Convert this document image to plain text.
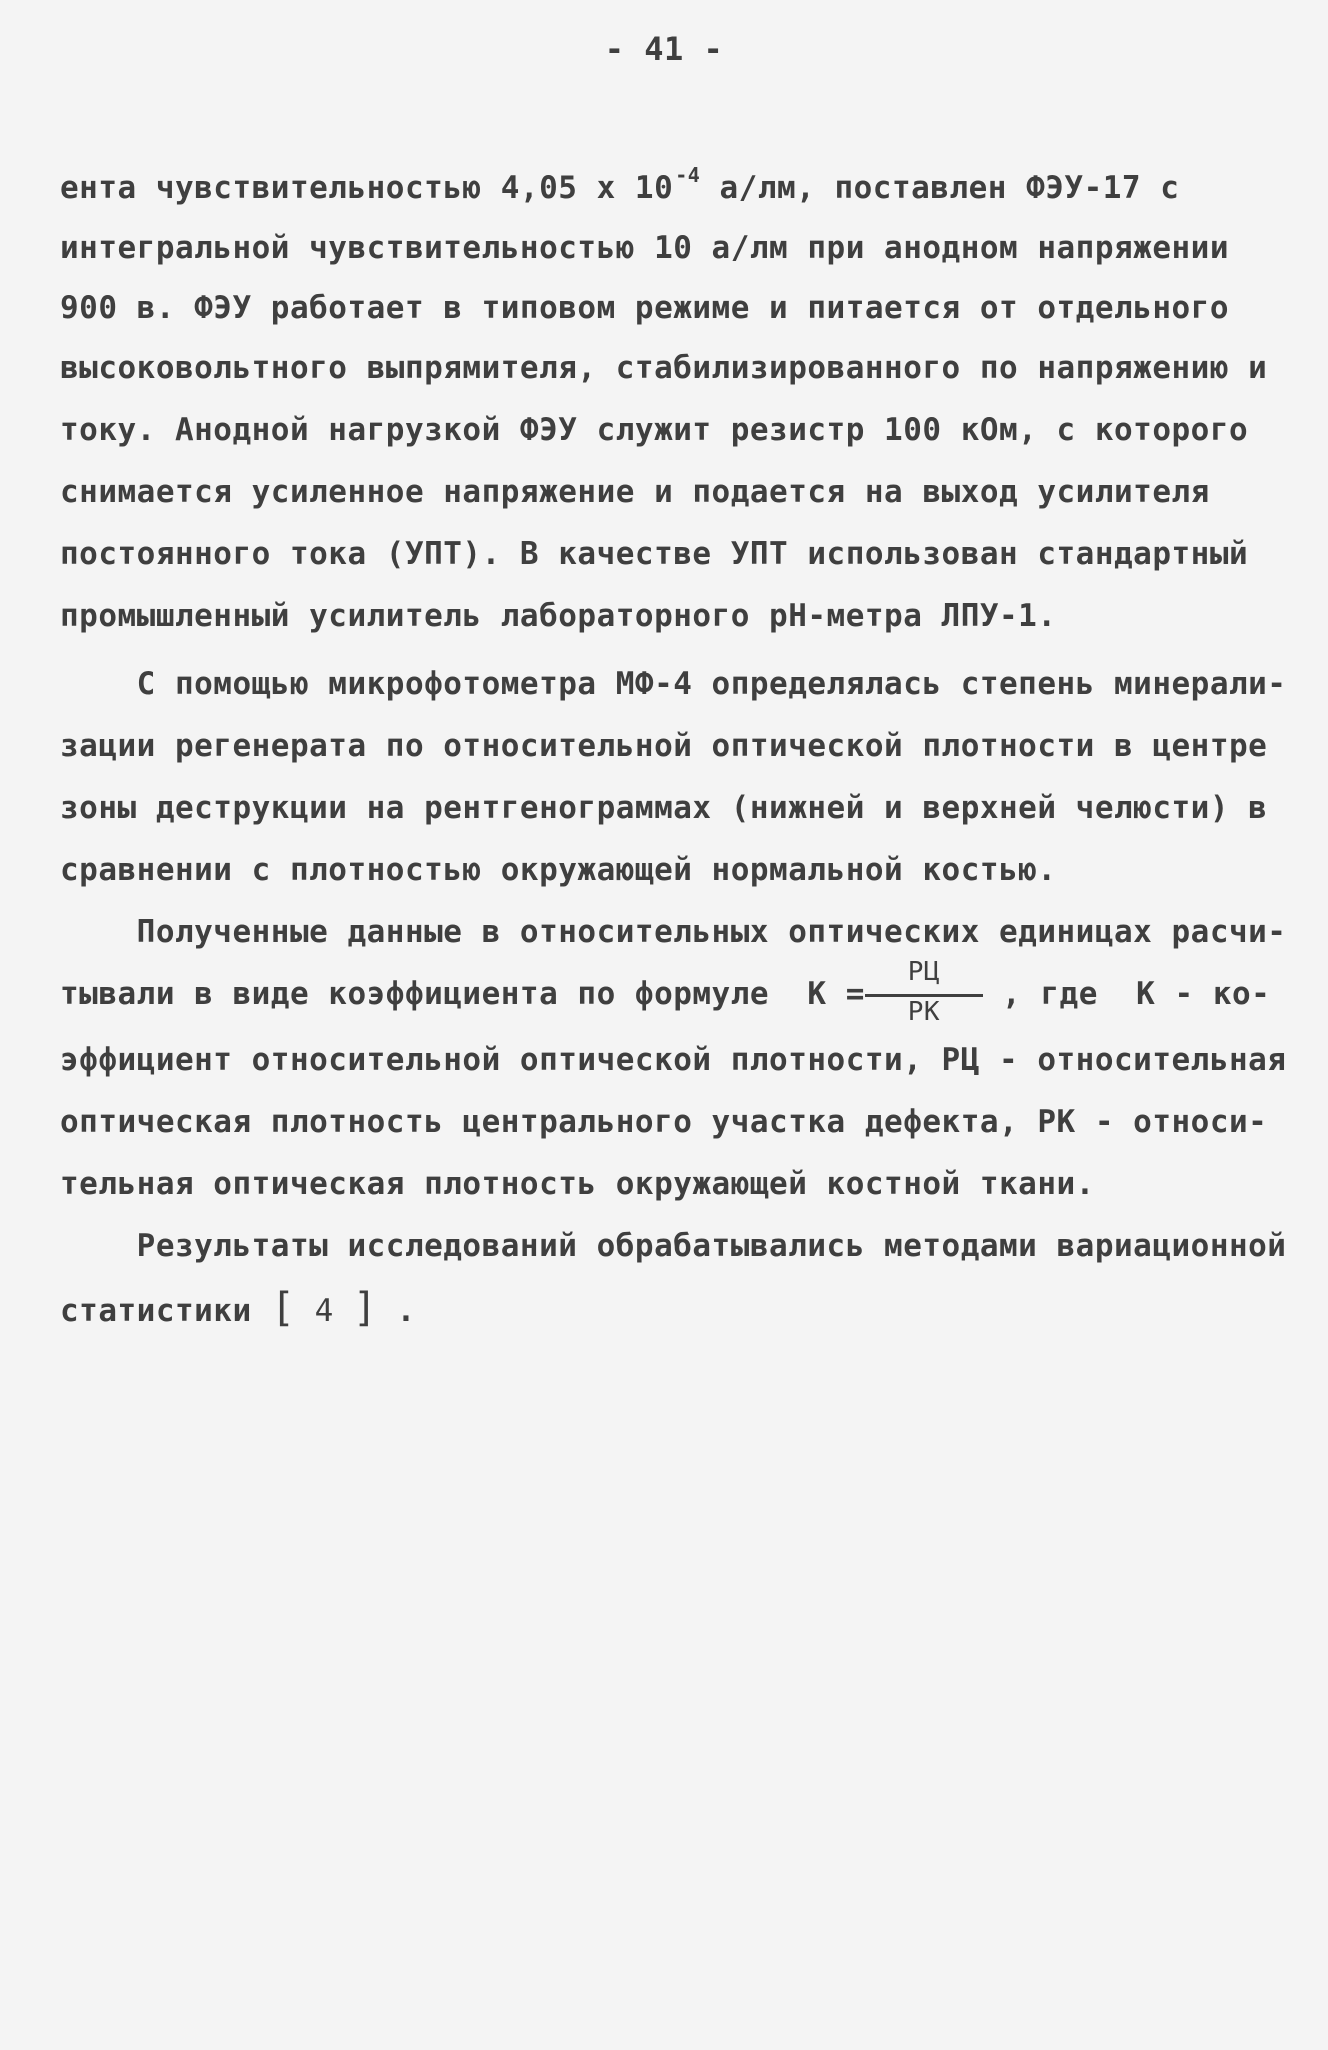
- 41 -
ента чувствительностью 4,05 х 10 $^{-4}$ а/лм, поставлен ФЭУ-17 с
интегральной чувствительностью 10 а/лм при анодном напряжении
900 в. ФЭУ работает в типовом режиме и питается от отдельного
высоковольтного выпрямителя, стабилизированного по напряжению и
току. Анодной нагрузкой ФЭУ служит резистр 100 кОм, с которого
снимается усиленное напряжение и подается на выход усилителя
постоянного тока (УПТ). В качестве УПТ использован стандартный
промышленный усилитель лабораторного рН-метра ЛПУ-1.
С помощью микрофотометра МФ-4 определялась степень минерали-
зации регенерата по относительной оптической плотности в центре
зоны деструкции на рентгенограммах (нижней и верхней челюсти) в
сравнении с плотностью окружающей нормальной костью.
Полученные данные в относительных оптических единицах расчи-
тывали в виде коэффициента по формуле  $К = \frac{РЦ}{РК}$ , где  К - ко-
эффициент относительной оптической плотности, РЦ - относительная
оптическая плотность центрального участка дефекта, РК - относи-
тельная оптическая плотность окружающей костной ткани.
Результаты исследований обрабатывались методами вариационной
статистики [ 4 ] .
